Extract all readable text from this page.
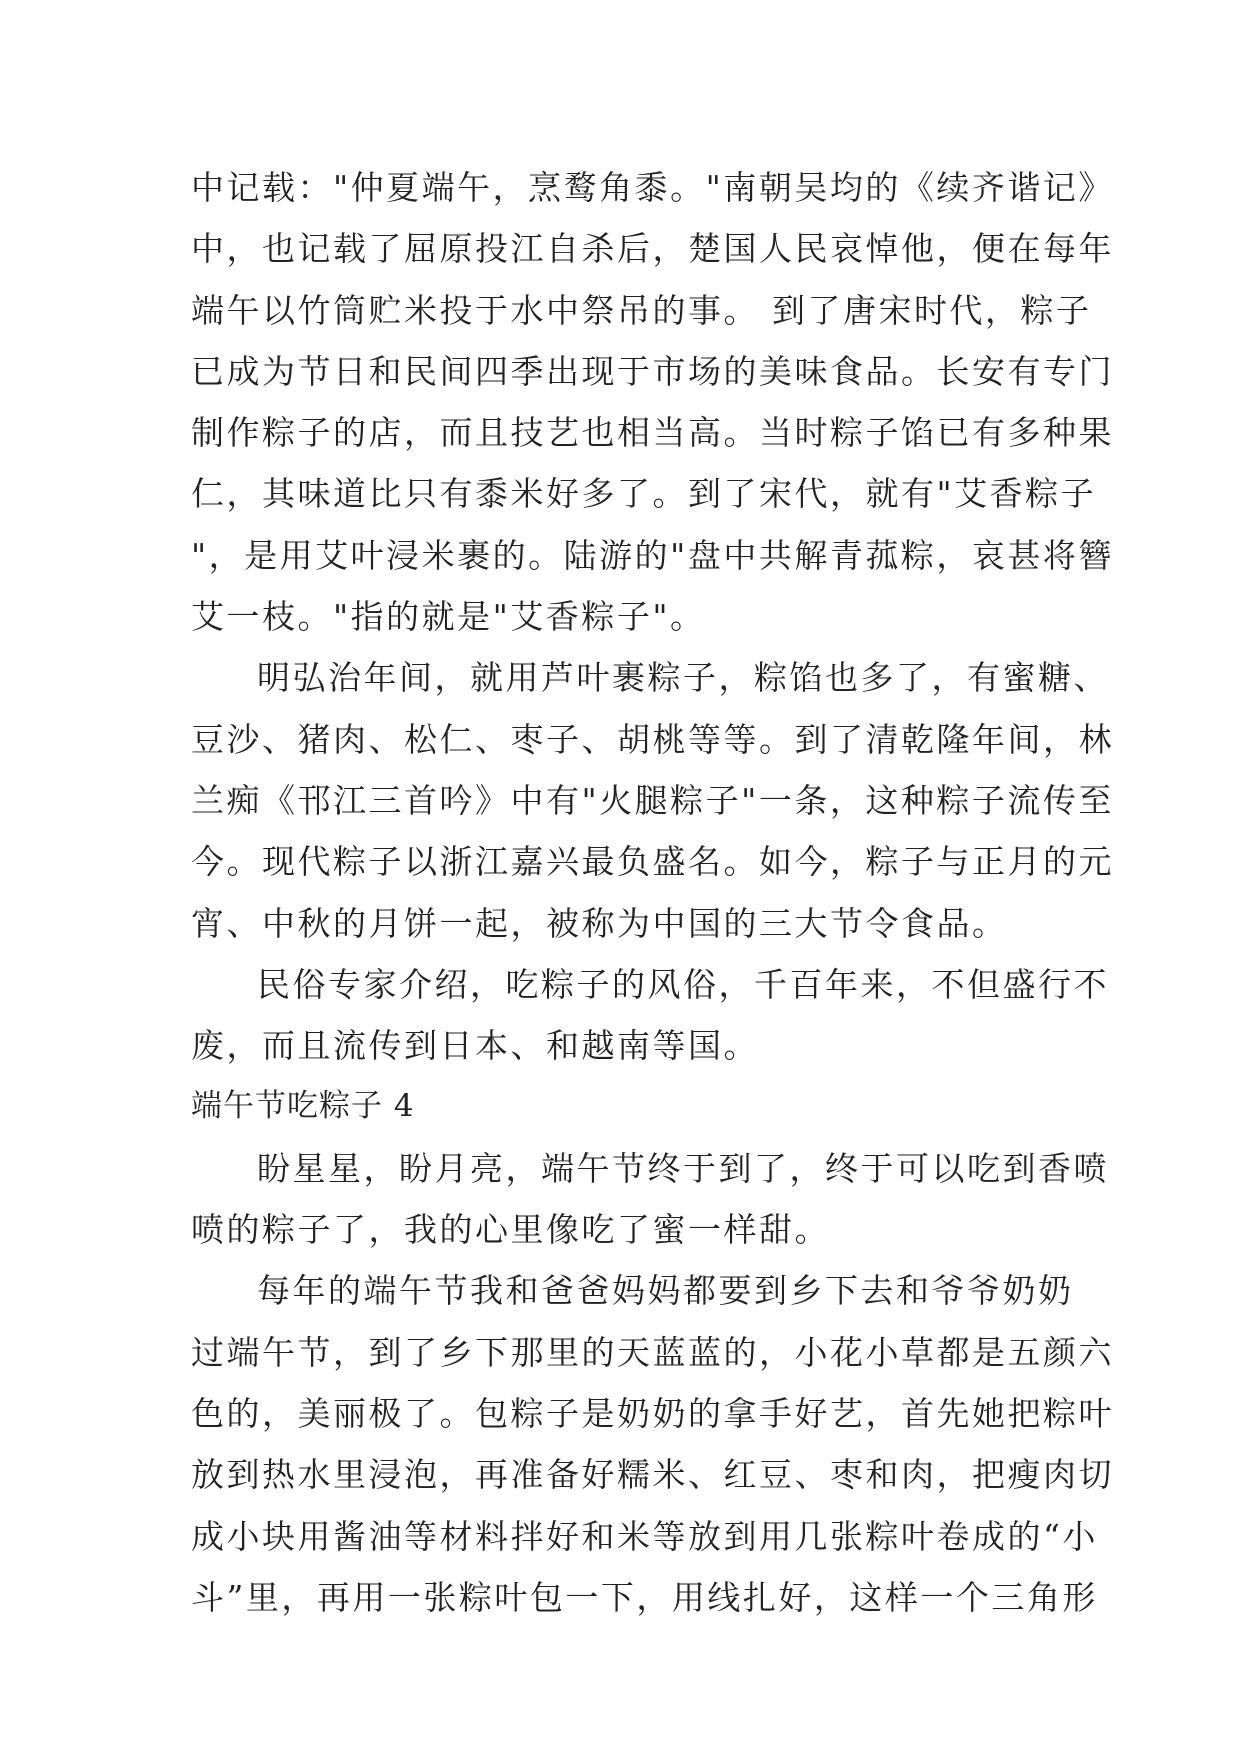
中记载："仲夏端午，烹鹜角黍。"南朝吴均的《续齐谐记》
中，也记载了屈原投江自杀后，楚国人民哀悼他，便在每年
端午以竹筒贮米投于水中祭吊的事。 到了唐宋时代，粽子
已成为节日和民间四季出现于市场的美味食品。长安有专门
制作粽子的店，而且技艺也相当高。当时粽子馅已有多种果
仁，其味道比只有黍米好多了。到了宋代，就有"艾香粽子
"，是用艾叶浸米裹的。陆游的"盘中共解青菰粽，哀甚将簪
艾一枝。"指的就是"艾香粽子"。
明弘治年间，就用芦叶裹粽子，粽馅也多了，有蜜糖、
豆沙、猪肉、松仁、枣子、胡桃等等。到了清乾隆年间，林
兰痴《邗江三首吟》中有"火腿粽子"一条，这种粽子流传至
今。现代粽子以浙江嘉兴最负盛名。如今，粽子与正月的元
宵、中秋的月饼一起，被称为中国的三大节令食品。
民俗专家介绍，吃粽子的风俗，千百年来，不但盛行不
废，而且流传到日本、和越南等国。
端午节吃粽子 4
盼星星，盼月亮，端午节终于到了，终于可以吃到香喷
喷的粽子了，我的心里像吃了蜜一样甜。
每年的端午节我和爸爸妈妈都要到乡下去和爷爷奶奶
过端午节，到了乡下那里的天蓝蓝的，小花小草都是五颜六
色的，美丽极了。包粽子是奶奶的拿手好艺，首先她把粽叶
放到热水里浸泡，再准备好糯米、红豆、枣和肉，把瘦肉切
成小块用酱油等材料拌好和米等放到用几张粽叶卷成的“小
斗”里，再用一张粽叶包一下，用线扎好，这样一个三角形
